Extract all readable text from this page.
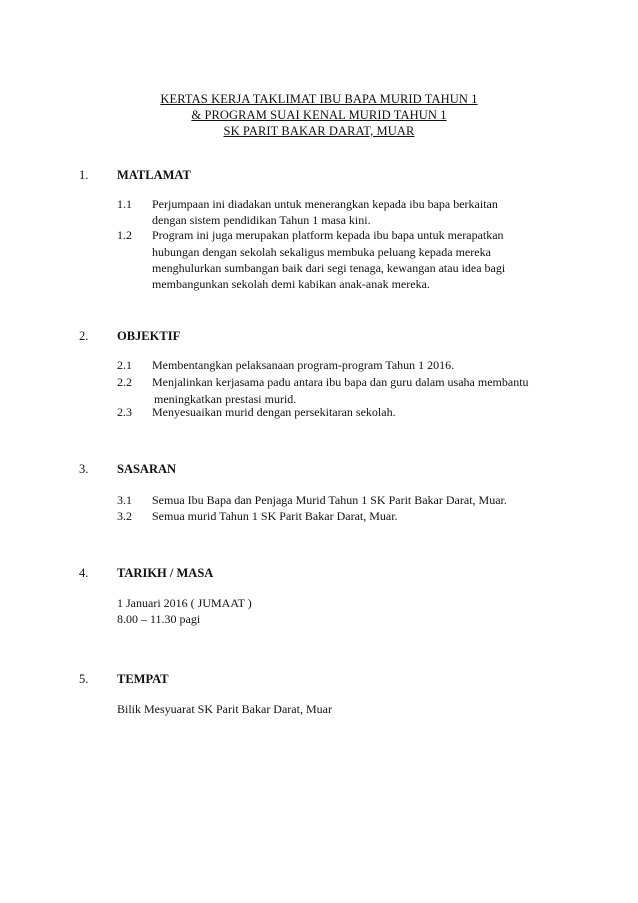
KERTAS KERJA TAKLIMAT IBU BAPA MURID TAHUN 1
& PROGRAM SUAI KENAL MURID TAHUN 1
SK PARIT BAKAR DARAT, MUAR
1. MATLAMAT
1.1 Perjumpaan ini diadakan untuk menerangkan kepada ibu bapa berkaitan
dengan sistem pendidikan Tahun 1 masa kini.
1.2 Program ini juga merupakan platform kepada ibu bapa untuk merapatkan
hubungan dengan sekolah sekaligus membuka peluang kepada mereka
menghulurkan sumbangan baik dari segi tenaga, kewangan atau idea bagi
membangunkan sekolah demi kabikan anak-anak mereka.
2. OBJEKTIF
2.1 Membentangkan pelaksanaan program-program Tahun 1 2016.
2.2 Menjalinkan kerjasama padu antara ibu bapa dan guru dalam usaha membantu
meningkatkan prestasi murid.
2.3 Menyesuaikan murid dengan persekitaran sekolah.
3. SASARAN
3.1 Semua Ibu Bapa dan Penjaga Murid Tahun 1 SK Parit Bakar Darat, Muar.
3.2 Semua murid Tahun 1 SK Parit Bakar Darat, Muar.
4. TARIKH / MASA
1 Januari 2016 ( JUMAAT )
8.00 – 11.30 pagi
5. TEMPAT
Bilik Mesyuarat SK Parit Bakar Darat, Muar
